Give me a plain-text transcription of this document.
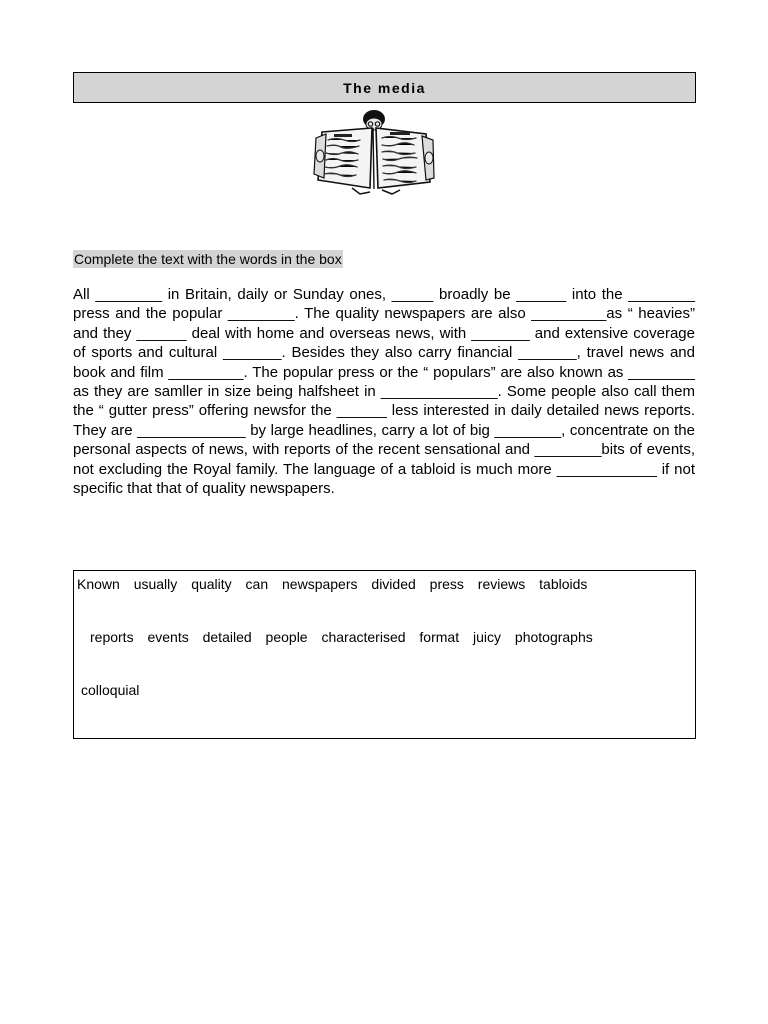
The media
Complete the text with the words in the box

All ________ in Britain, daily or Sunday ones, _____ broadly be ______ into the ________ press and the popular ________. The quality newspapers are also _________as “ heavies” and they ______ deal with home and overseas news, with _______ and extensive coverage of sports and cultural _______. Besides they also carry financial _______, travel news and book and film _________. The popular press or the “ populars” are also known as ________ as they are samller in size being halfsheet in ______________. Some people also call them the “ gutter press” offering newsfor the ______ less interested in daily detailed news reports. They are _____________ by large headlines, carry a lot of big ________, concentrate on the personal aspects of news, with reports of the recent sensational and ________bits of events, not excluding the Royal family. The language of a tabloid is much more ____________ if not specific that that of quality newspapers.

Known usually quality can newspapers divided press reviews tabloids
reports events detailed people characterised format juicy photographs
colloquial
